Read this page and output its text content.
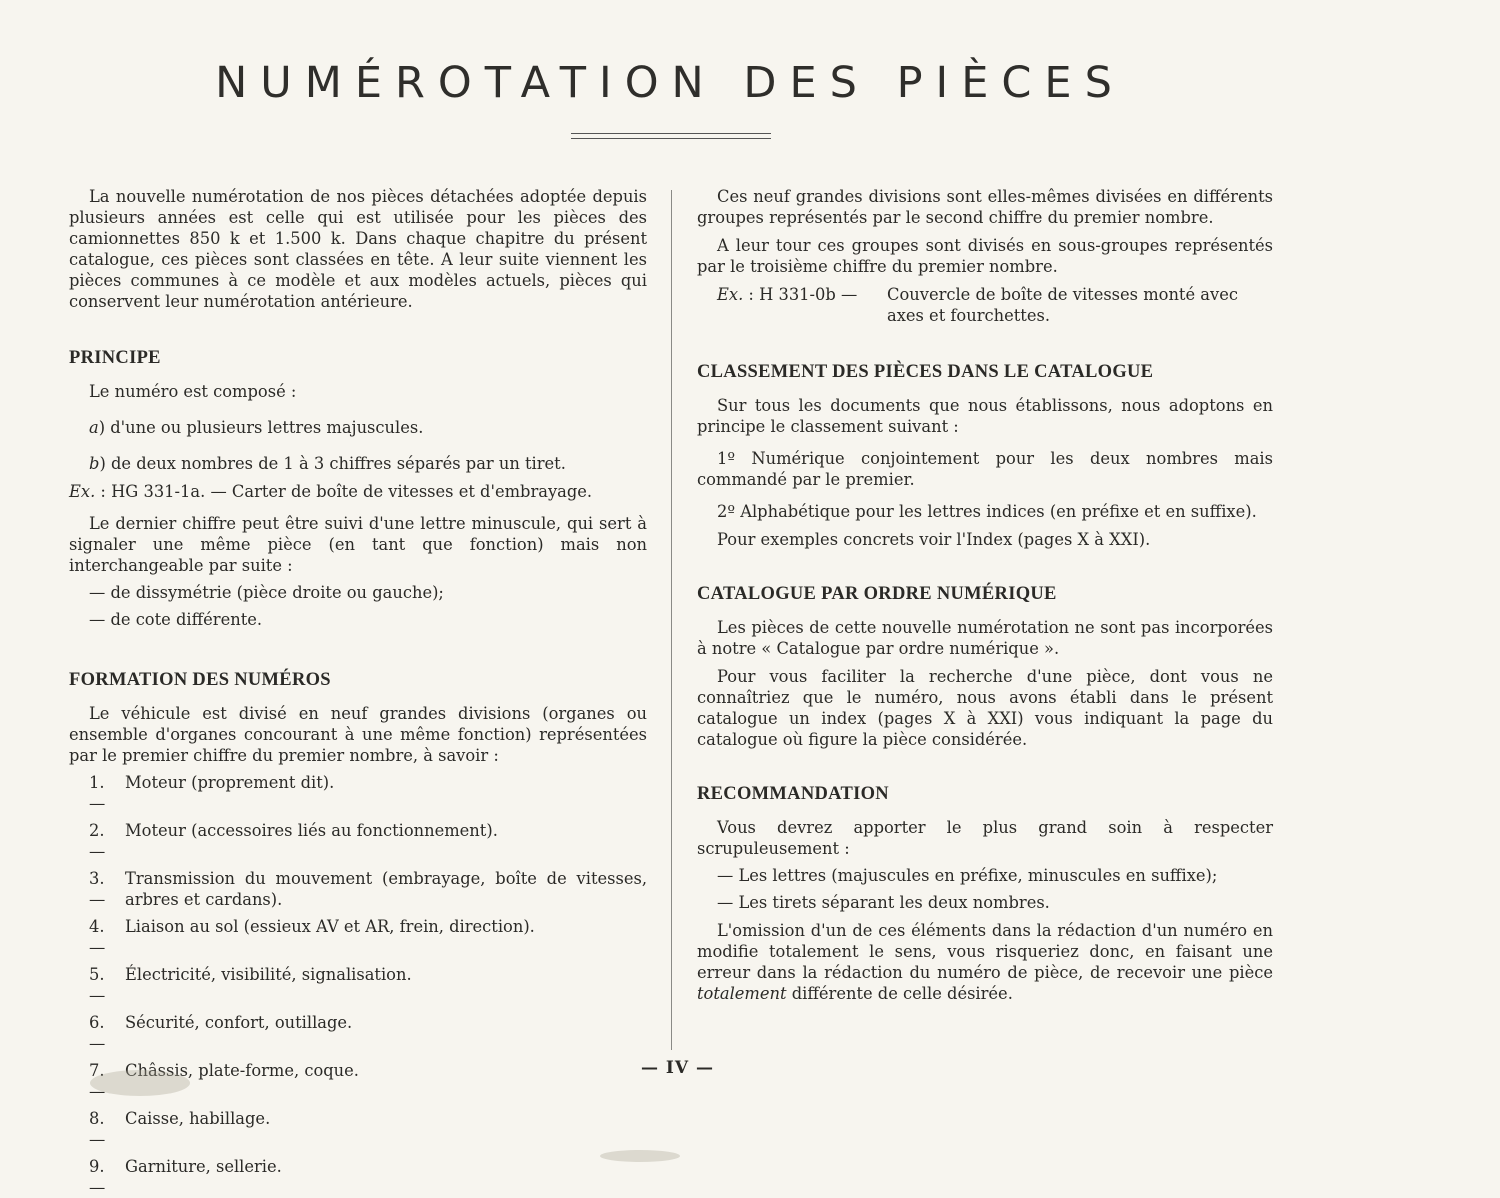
NUMÉROTATION DES PIÈCES

La nouvelle numérotation de nos pièces détachées adoptée depuis plusieurs années est celle qui est utilisée pour les pièces des camionnettes 850 k et 1.500 k. Dans chaque chapitre du présent catalogue, ces pièces sont classées en tête. A leur suite viennent les pièces communes à ce modèle et aux modèles actuels, pièces qui conservent leur numérotation antérieure.

PRINCIPE

Le numéro est composé :

a) d'une ou plusieurs lettres majuscules.

b) de deux nombres de 1 à 3 chiffres séparés par un tiret.

Ex. : HG 331-1a. — Carter de boîte de vitesses et d'embrayage.

Le dernier chiffre peut être suivi d'une lettre minuscule, qui sert à signaler une même pièce (en tant que fonction) mais non interchangeable par suite :

— de dissymétrie (pièce droite ou gauche);

— de cote différente.

FORMATION DES NUMÉROS

Le véhicule est divisé en neuf grandes divisions (organes ou ensemble d'organes concourant à une même fonction) représentées par le premier chiffre du premier nombre, à savoir :

1. —
Moteur (proprement dit).
2. —
Moteur (accessoires liés au fonctionnement).
3. —
Transmission du mouvement (embrayage, boîte de vitesses, arbres et cardans).
4. —
Liaison au sol (essieux AV et AR, frein, direction).
5. —
Électricité, visibilité, signalisation.
6. —
Sécurité, confort, outillage.
7. —
Châssis, plate-forme, coque.
8. —
Caisse, habillage.
9. —
Garniture, sellerie.

Ces neuf grandes divisions sont elles-mêmes divisées en différents groupes représentés par le second chiffre du premier nombre.

A leur tour ces groupes sont divisés en sous-groupes représentés par le troisième chiffre du premier nombre.

Ex. : H 331-0b —	Couvercle de boîte de vitesses monté avec axes et fourchettes.
CLASSEMENT DES PIÈCES DANS LE CATALOGUE

Sur tous les documents que nous établissons, nous adoptons en principe le classement suivant :

1º Numérique conjointement pour les deux nombres mais commandé par le premier.

2º Alphabétique pour les lettres indices (en préfixe et en suffixe).

Pour exemples concrets voir l'Index (pages X à XXI).

CATALOGUE PAR ORDRE NUMÉRIQUE

Les pièces de cette nouvelle numérotation ne sont pas incorporées à notre « Catalogue par ordre numérique ».

Pour vous faciliter la recherche d'une pièce, dont vous ne connaîtriez que le numéro, nous avons établi dans le présent catalogue un index (pages X à XXI) vous indiquant la page du catalogue où figure la pièce considérée.

RECOMMANDATION

Vous devrez apporter le plus grand soin à respecter scrupuleusement :

— Les lettres (majuscules en préfixe, minuscules en suffixe);

— Les tirets séparant les deux nombres.

L'omission d'un de ces éléments dans la rédaction d'un numéro en modifie totalement le sens, vous risqueriez donc, en faisant une erreur dans la rédaction du numéro de pièce, de recevoir une pièce totalement différente de celle désirée.

— IV —
